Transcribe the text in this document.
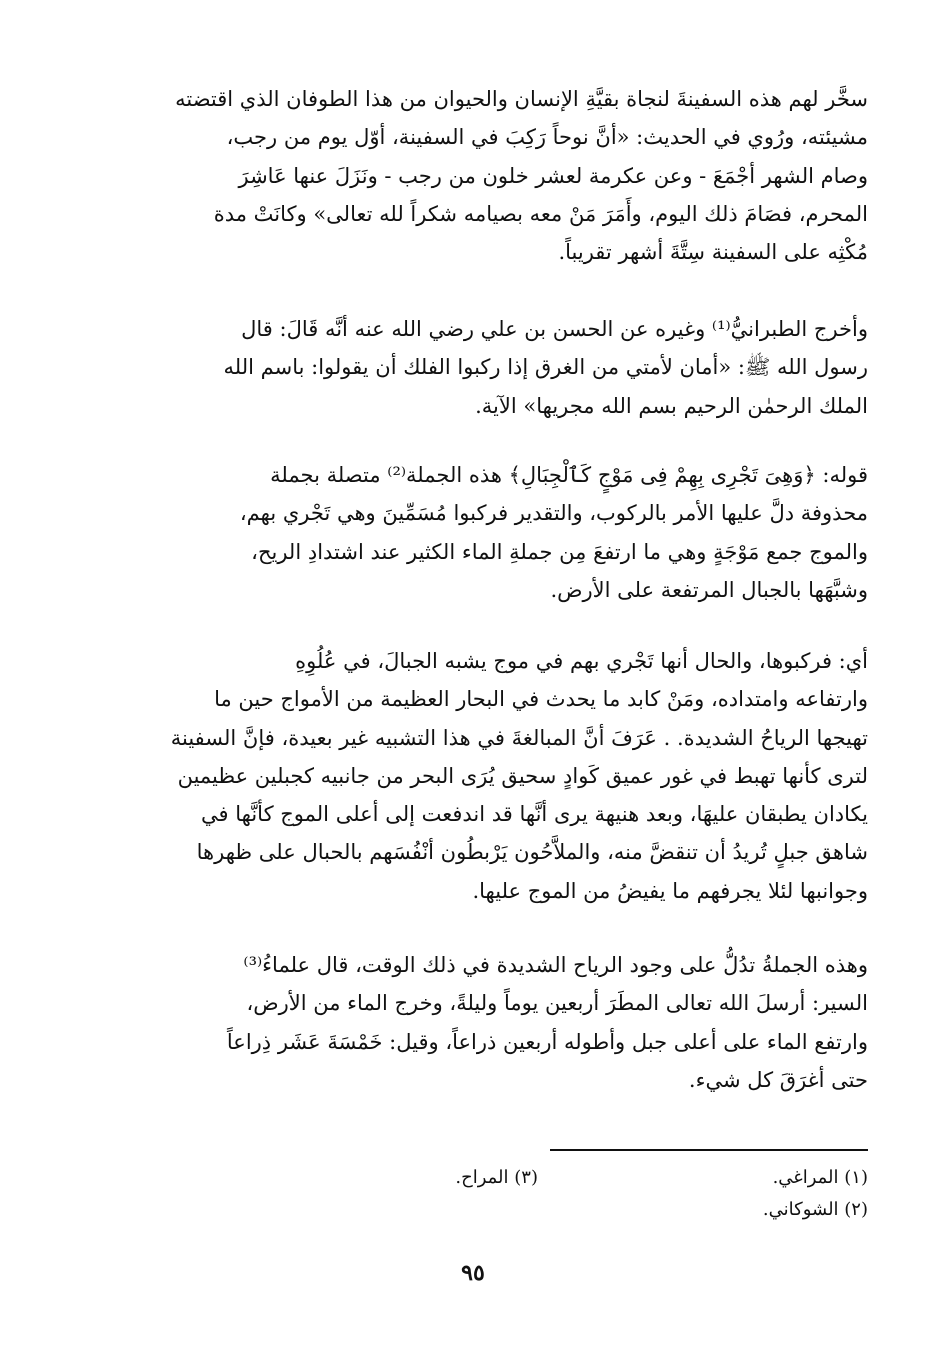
سخَّر لهم هذه السفينةَ لنجاة بقيَّةِ الإنسان والحيوان من هذا الطوفان الذي اقتضته
مشيئته، ورُوي في الحديث: «أنَّ نوحاً رَكِبَ في السفينة، أوّل يوم من رجب،
وصام الشهر أجْمَعَ - وعن عكرمة لعشر خلون من رجب - ونَزَلَ عنها عَاشِرَ
المحرم، فصَامَ ذلك اليوم، وأَمَرَ مَنْ معه بصيامه شكراً لله تعالى» وكانَتْ مدة
مُكْثِه على السفينة سِتَّةَ أشهر تقريباً.

وأخرج الطبرانيُّ⁽¹⁾ وغيره عن الحسن بن علي رضي الله عنه أنَّه قَالَ: قال
رسول الله ﷺ: «أمان لأمتي من الغرق إذا ركبوا الفلك أن يقولوا: باسم الله
الملك الرحمٰن الرحيم بسم الله مجريها» الآية.

قوله: ﴿وَهِىَ تَجْرِى بِهِمْ فِى مَوْجٍ كَٱلْجِبَالِ﴾ هذه الجملة⁽²⁾ متصلة بجملة
محذوفة دلَّ عليها الأمر بالركوب، والتقدير فركبوا مُسَمِّينَ وهي تَجْري بهم،
والموج جمع مَوْجَةٍ وهي ما ارتفعَ مِن جملةِ الماء الكثير عند اشتدادِ الريح،
وشبَّهَها بالجبال المرتفعة على الأرض.

أي: فركبوها، والحال أنها تَجْري بهم في موج يشبه الجبالَ، في عُلُوِهِ
وارتفاعه وامتداده، ومَنْ كابد ما يحدث في البحار العظيمة من الأمواج حين ما
تهيجها الرياحُ الشديدة. . عَرَفَ أنَّ المبالغةَ في هذا التشبيه غير بعيدة، فإنَّ السفينة
لترى كأنها تهبط في غور عميق كَوادٍ سحيق يُرَى البحر من جانبيه كجبلين عظيمين
يكادان يطبقان عليهَا، وبعد هنيهة يرى أنَّها قد اندفعت إلى أعلى الموج كأنَّها في
شاهق جبلٍ تُريدُ أن تنقضَّ منه، والملاَّحُون يَرْبطُون أنْفُسَهم بالحبال على ظهرها
وجوانبها لئلا يجرفهم ما يفيضُ من الموج عليها.

وهذه الجملةُ تدُلُّ على وجود الرياح الشديدة في ذلك الوقت، قال علماءُ⁽³⁾
السير: أرسلَ الله تعالى المطَرَ أربعين يوماً وليلةً، وخرج الماء من الأرض،
وارتفع الماء على أعلى جبل وأطوله أربعين ذراعاً، وقيل: خَمْسَةَ عَشَر ذِراعاً
حتى أغرَقَ كل شيء.

(١) المراغي.
(٣) المراح.
(٢) الشوكاني.
٩٥
